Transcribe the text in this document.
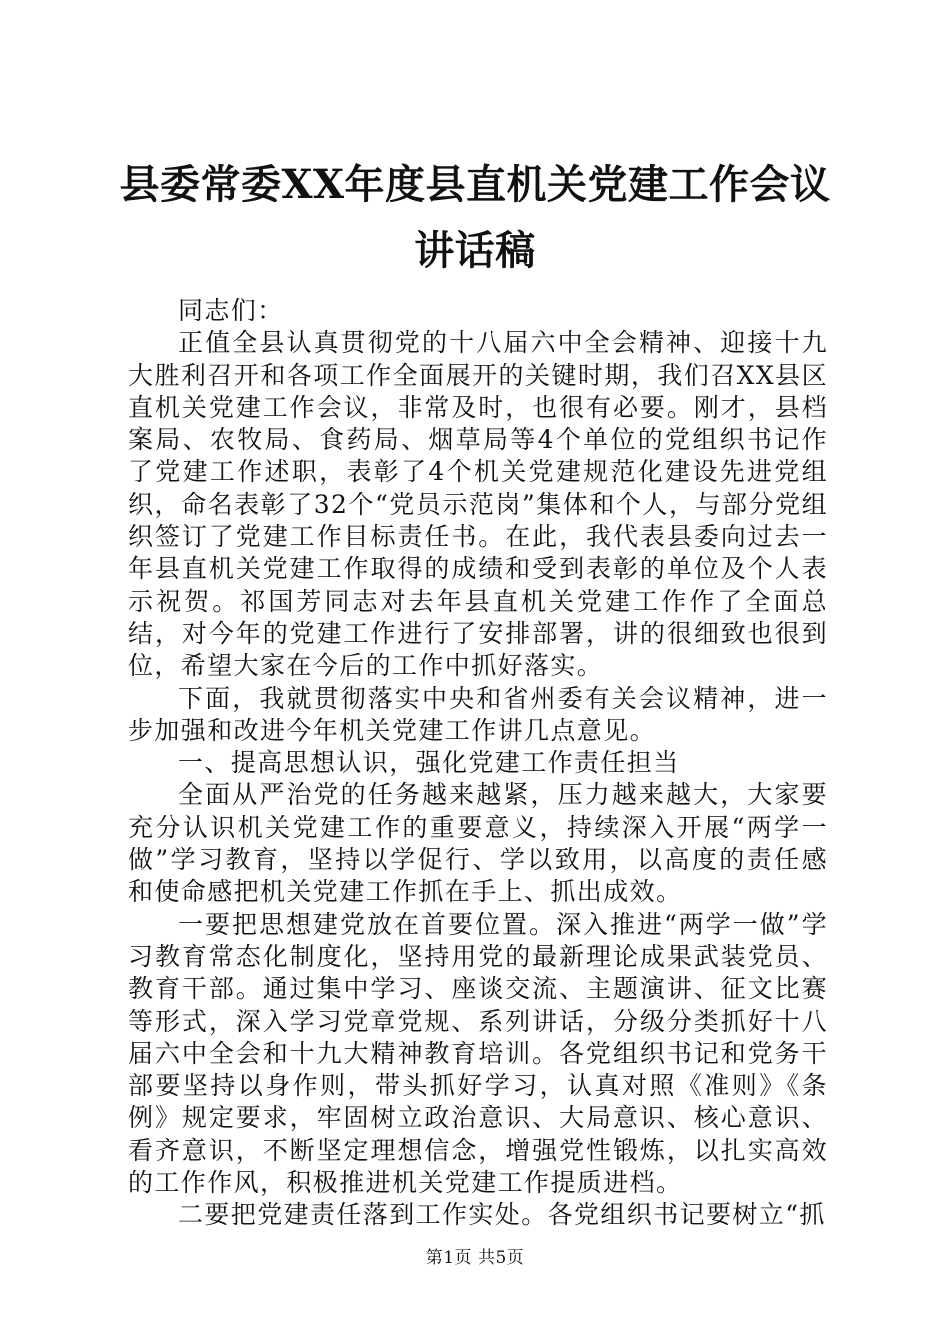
县委常委XX年度县直机关党建工作会议讲话稿

同志们：

正值全县认真贯彻党的十八届六中全会精神、迎接十九大胜利召开和各项工作全面展开的关键时期，我们召XX县区直机关党建工作会议，非常及时，也很有必要。刚才，县档案局、农牧局、食药局、烟草局等4个单位的党组织书记作了党建工作述职，表彰了4个机关党建规范化建设先进党组织，命名表彰了32个“党员示范岗”集体和个人，与部分党组织签订了党建工作目标责任书。在此，我代表县委向过去一年县直机关党建工作取得的成绩和受到表彰的单位及个人表示祝贺。祁国芳同志对去年县直机关党建工作作了全面总结，对今年的党建工作进行了安排部署，讲的很细致也很到位，希望大家在今后的工作中抓好落实。

下面，我就贯彻落实中央和省州委有关会议精神，进一步加强和改进今年机关党建工作讲几点意见。

一、提高思想认识，强化党建工作责任担当

全面从严治党的任务越来越紧，压力越来越大，大家要充分认识机关党建工作的重要意义，持续深入开展“两学一做”学习教育，坚持以学促行、学以致用，以高度的责任感和使命感把机关党建工作抓在手上、抓出成效。

一要把思想建党放在首要位置。深入推进“两学一做”学习教育常态化制度化，坚持用党的最新理论成果武装党员、教育干部。通过集中学习、座谈交流、主题演讲、征文比赛等形式，深入学习党章党规、系列讲话，分级分类抓好十八届六中全会和十九大精神教育培训。各党组织书记和党务干部要坚持以身作则，带头抓好学习，认真对照《准则》《条例》规定要求，牢固树立政治意识、大局意识、核心意识、看齐意识，不断坚定理想信念，增强党性锻炼，以扎实高效的工作作风，积极推进机关党建工作提质进档。

二要把党建责任落到工作实处。各党组织书记要树立“抓

第1页 共5页
